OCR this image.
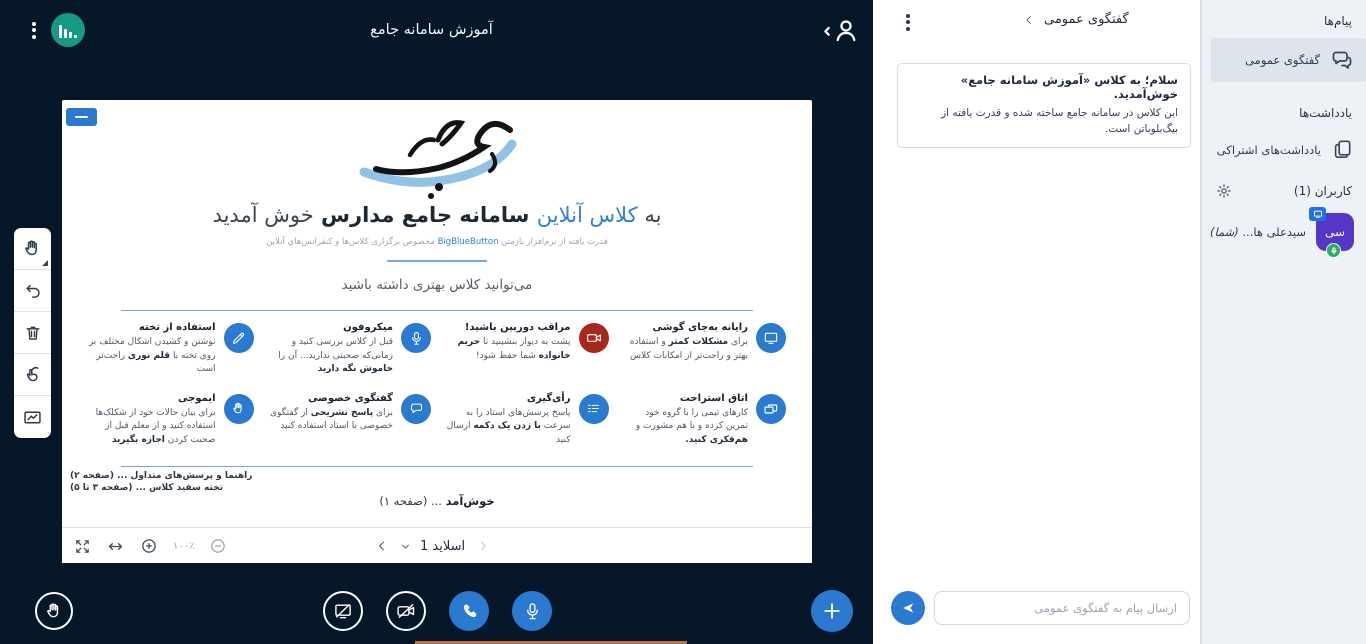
آموزش سامانه جامع
به کلاس آنلاین سامانه جامع مدارس خوش آمدید
قدرت یافته از نرم‌افزار بازمتن BigBlueButton مخصوص برگزاری کلاس‌ها و کنفرانس‌های آنلاین
می‌توانید کلاس بهتری داشته باشید
رایانه به‌جای گوشی

برای مشکلات کمتر و استفاده بهتر و راحت‌تر از امکانات کلاس

مراقب دوربین باشید!

پشت به دیوار بنشینید تا حریم خانواده شما حفظ شود!

میکروفون

قبل از کلاس بررسی کنید و زمانی‌که صحبتی ندارید... آن را خاموش نگه دارید

استفاده از تخته

نوشتن و کشیدن اشکال مختلف بر روی تخته با قلم نوری راحت‌تر است

اتاق استراحت

کارهای تیمی را با گروه خود تمرین کرده و با هم مشورت و هم‌فکری کنید.

رأی‌گیری

پاسخ پرسش‌های استاد را به سرعت با زدن یک دکمه ارسال کنید

گفتگوی خصوصی

برای پاسخ تشریحی از گفتگوی خصوصی با استاد استفاده کنید

ایموجی

برای بیان حالات خود از شکلک‌ها استفاده کنید و از معلم قبل از صحبت کردن اجازه بگیرید

راهنما و پرسش‌های متداول ... (صفحه ۲)
تخته سفید کلاس ... (صفحه ۳ تا ۵)
خوش‌آمد ... (صفحه ۱)
۱۰۰٪	اسلاید 1
گفتگوی عمومی
سلام؛ به کلاس «آموزش سامانه جامع» خوش‌آمدید.
این کلاس در سامانه جامع ساخته شده و قدرت یافته از بیگ‌بلوباتن است.
ارسال پیام به گفتگوی عمومی
پیام‌ها
گفتگوی عمومی
یادداشت‌ها
یادداشت‌های اشتراکی
کاربران (1)
سی
سیدعلی ها... (شما)
